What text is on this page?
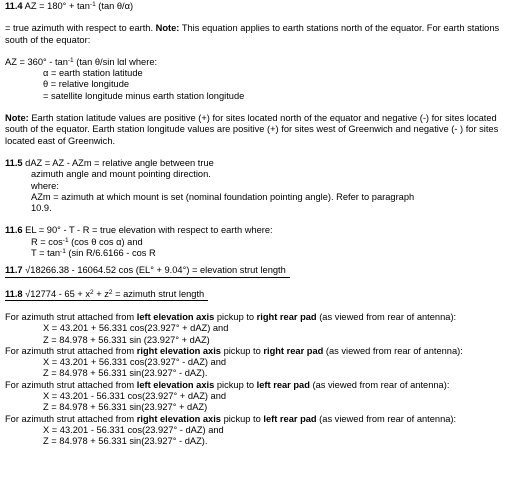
11.4 AZ = $180^\circ + \tan^{-1} (\tan$ θ/α)
= true azimuth with respect to earth. Note: This equation applies to earth stations north of the equator. For earth stations south of the equator:
AZ = $360^\circ - \tan^{-1} (\tan$ θ/sin lαl where:
α = earth station latitude
θ = relative longitude
= satellite longitude minus earth station longitude
Note: Earth station latitude values are positive (+) for sites located north of the equator and negative (-) for sites located south of the equator. Earth station longitude values are positive (+) for sites west of Greenwich and negative (- ) for sites located east of Greenwich.
11.5 dAZ = AZ - AZm = relative angle between true
azimuth angle and mount pointing direction.
where:
AZm = azimuth at which mount is set (nominal foundation pointing angle). Refer to paragraph
10.9.
11.6 EL = 90° - T - R = true elevation with respect to earth where:
$R = \cos^{-1} (\cos$ θ cos α) and
$T = \tan^{-1} (\sin$ R/6.6166 - cos R
11.7 √18266.38 - 16064.52 cos (EL° + 9.04°) = elevation strut length
11.8 $√12774 - 65 + x^2 + z^2$ = azimuth strut length
For azimuth strut attached from left elevation axis pickup to right rear pad (as viewed from rear of antenna):
X = 43.201 + 56.331 cos(23.927° + dAZ) and
Z = 84.978 + 56.331 sin (23.927° + dAZ)
For azimuth strut attached from right elevation axis pickup to right rear pad (as viewed from rear of antenna):
X = 43.201 + 56.331 cos(23.927° - dAZ) and
Z = 84.978 + 56.331 sin(23.927° - dAZ).
For azimuth strut attached from left elevation axis pickup to left rear pad (as viewed from rear of antenna):
X = 43.201 - 56.331 cos(23.927° + dAZ) and
Z = 84.978 + 56.331 sin(23.927° + dAZ)
For azimuth strut attached from right elevation axis pickup to left rear pad (as viewed from rear of antenna):
X = 43.201 - 56.331 cos(23.927° - dAZ) and
Z = 84.978 + 56.331 sin(23.927° - dAZ).
